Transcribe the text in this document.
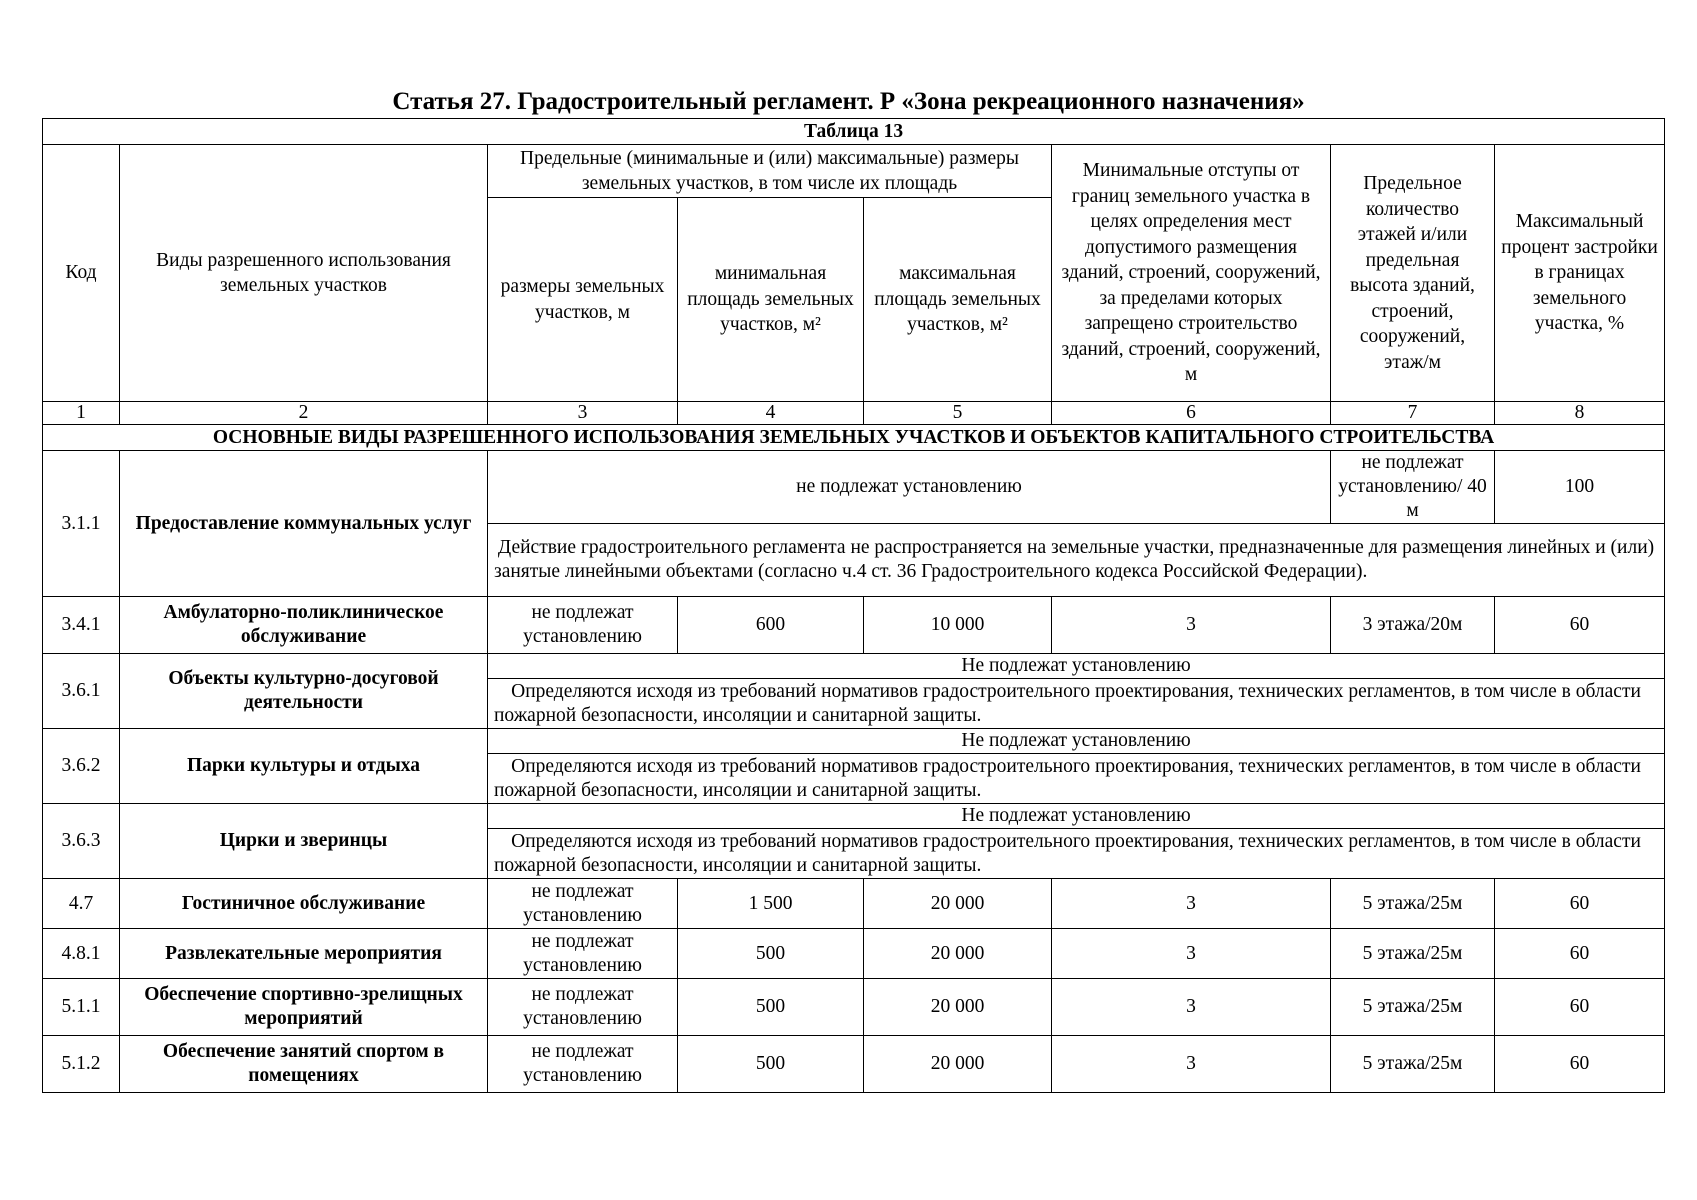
Статья 27. Градостроительный регламент. Р «Зона рекреационного назначения»
Таблица 13							
Код	Виды разрешенного использования земельных участков	Предельные (минимальные и (или) максимальные) размеры земельных участков, в том числе их площадь			Минимальные отступы от границ земельного участка в целях определения мест допустимого размещения зданий, строений, сооружений, за пределами которых запрещено строительство зданий, строений, сооружений, м	Предельное количество этажей и/или предельная высота зданий, строений, сооружений, этаж/м	Максимальный процент застройки в границах земельного участка, %
		размеры земельных участков, м	минимальная площадь земельных участков, м²	максимальная площадь земельных участков, м²			
1	2	3	4	5	6	7	8
ОСНОВНЫЕ ВИДЫ РАЗРЕШЕННОГО ИСПОЛЬЗОВАНИЯ ЗЕМЕЛЬНЫХ УЧАСТКОВ И ОБЪЕКТОВ КАПИТАЛЬНОГО СТРОИТЕЛЬСТВА							
3.1.1	Предоставление коммунальных услуг	не подлежат установлению				не подлежат установлению/ 40 м	100
		Действие градостроительного регламента не распространяется на земельные участки, предназначенные для размещения линейных и (или) занятые линейными объектами (согласно ч.4 ст. 36 Градостроительного кодекса Российской Федерации).					
3.4.1	Амбулаторно-поликлиническое обслуживание	не подлежат установлению	600	10 000	3	3 этажа/20м	60
3.6.1	Объекты культурно-досуговой деятельности	Не подлежат установлению					
		Определяются исходя из требований нормативов градостроительного проектирования, технических регламентов, в том числе в области пожарной безопасности, инсоляции и санитарной защиты.					
3.6.2	Парки культуры и отдыха	Не подлежат установлению					
		Определяются исходя из требований нормативов градостроительного проектирования, технических регламентов, в том числе в области пожарной безопасности, инсоляции и санитарной защиты.					
3.6.3	Цирки и зверинцы	Не подлежат установлению					
		Определяются исходя из требований нормативов градостроительного проектирования, технических регламентов, в том числе в области пожарной безопасности, инсоляции и санитарной защиты.					
4.7	Гостиничное обслуживание	не подлежат установлению	1 500	20 000	3	5 этажа/25м	60
4.8.1	Развлекательные мероприятия	не подлежат установлению	500	20 000	3	5 этажа/25м	60
5.1.1	Обеспечение спортивно-зрелищных мероприятий	не подлежат установлению	500	20 000	3	5 этажа/25м	60
5.1.2	Обеспечение занятий спортом в помещениях	не подлежат установлению	500	20 000	3	5 этажа/25м	60
